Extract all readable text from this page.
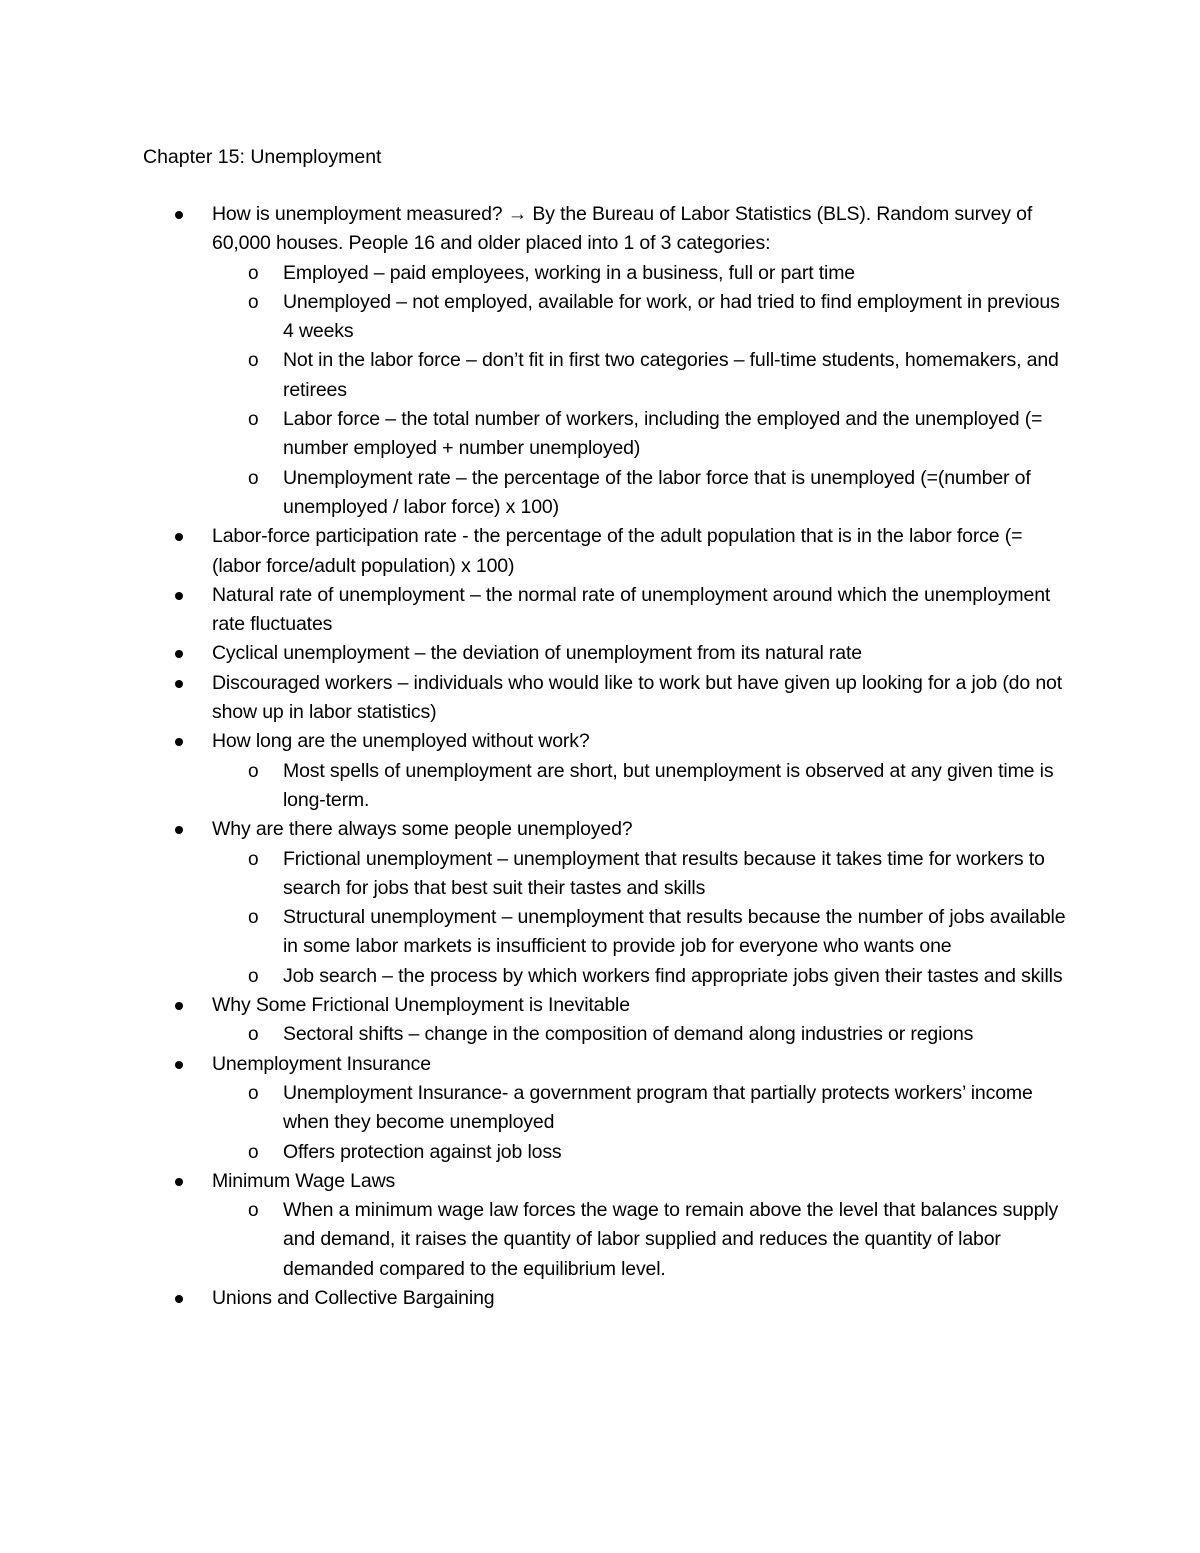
Chapter 15: Unemployment
How is unemployment measured? → By the Bureau of Labor Statistics (BLS). Random survey of 60,000 houses. People 16 and older placed into 1 of 3 categories:
o Employed – paid employees, working in a business, full or part time
o Unemployed – not employed, available for work, or had tried to find employment in previous 4 weeks
o Not in the labor force – don’t fit in first two categories – full-time students, homemakers, and retirees
o Labor force – the total number of workers, including the employed and the unemployed (= number employed + number unemployed)
o Unemployment rate – the percentage of the labor force that is unemployed (=(number of unemployed / labor force) x 100)
Labor-force participation rate - the percentage of the adult population that is in the labor force (= (labor force/adult population) x 100)
Natural rate of unemployment – the normal rate of unemployment around which the unemployment rate fluctuates
Cyclical unemployment – the deviation of unemployment from its natural rate
Discouraged workers – individuals who would like to work but have given up looking for a job (do not show up in labor statistics)
How long are the unemployed without work?
o Most spells of unemployment are short, but unemployment is observed at any given time is long-term.
Why are there always some people unemployed?
o Frictional unemployment – unemployment that results because it takes time for workers to search for jobs that best suit their tastes and skills
o Structural unemployment – unemployment that results because the number of jobs available in some labor markets is insufficient to provide job for everyone who wants one
o Job search – the process by which workers find appropriate jobs given their tastes and skills
Why Some Frictional Unemployment is Inevitable
o Sectoral shifts – change in the composition of demand along industries or regions
Unemployment Insurance
o Unemployment Insurance- a government program that partially protects workers’ income when they become unemployed
o Offers protection against job loss
Minimum Wage Laws
o When a minimum wage law forces the wage to remain above the level that balances supply and demand, it raises the quantity of labor supplied and reduces the quantity of labor demanded compared to the equilibrium level.
Unions and Collective Bargaining
